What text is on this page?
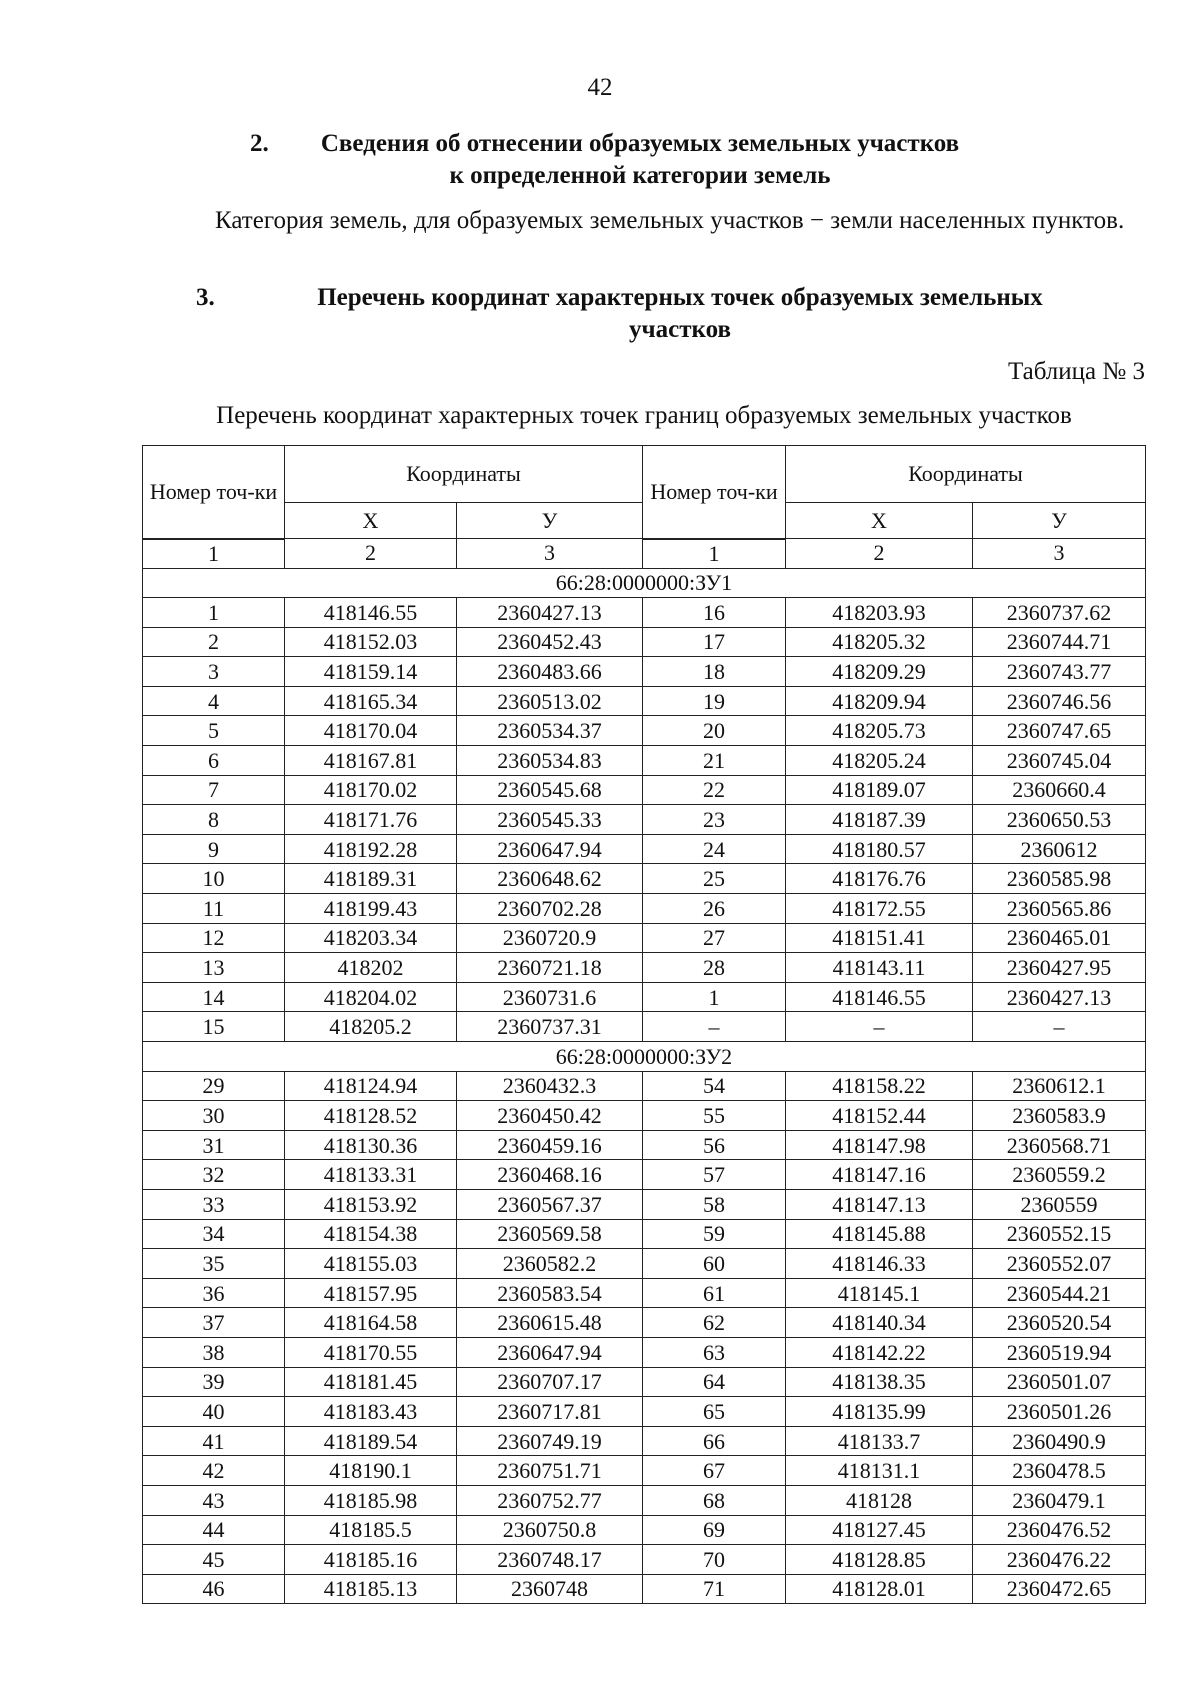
42
2.	Сведения об отнесении образуемых земельных участков
к определенной категории земель
Категория земель, для образуемых земельных участков − земли населенных пунктов.
3.	Перечень координат характерных точек образуемых земельных
участков
Таблица № 3
Перечень координат характерных точек границ образуемых земельных участков
Номер точ-ки	Координаты		Номер точ-ки	Координаты	
	Х	У		Х	У
1	2	3	1	2	3
66:28:0000000:ЗУ1					
1	418146.55	2360427.13	16	418203.93	2360737.62
2	418152.03	2360452.43	17	418205.32	2360744.71
3	418159.14	2360483.66	18	418209.29	2360743.77
4	418165.34	2360513.02	19	418209.94	2360746.56
5	418170.04	2360534.37	20	418205.73	2360747.65
6	418167.81	2360534.83	21	418205.24	2360745.04
7	418170.02	2360545.68	22	418189.07	2360660.4
8	418171.76	2360545.33	23	418187.39	2360650.53
9	418192.28	2360647.94	24	418180.57	2360612
10	418189.31	2360648.62	25	418176.76	2360585.98
11	418199.43	2360702.28	26	418172.55	2360565.86
12	418203.34	2360720.9	27	418151.41	2360465.01
13	418202	2360721.18	28	418143.11	2360427.95
14	418204.02	2360731.6	1	418146.55	2360427.13
15	418205.2	2360737.31	–	–	–
66:28:0000000:ЗУ2					
29	418124.94	2360432.3	54	418158.22	2360612.1
30	418128.52	2360450.42	55	418152.44	2360583.9
31	418130.36	2360459.16	56	418147.98	2360568.71
32	418133.31	2360468.16	57	418147.16	2360559.2
33	418153.92	2360567.37	58	418147.13	2360559
34	418154.38	2360569.58	59	418145.88	2360552.15
35	418155.03	2360582.2	60	418146.33	2360552.07
36	418157.95	2360583.54	61	418145.1	2360544.21
37	418164.58	2360615.48	62	418140.34	2360520.54
38	418170.55	2360647.94	63	418142.22	2360519.94
39	418181.45	2360707.17	64	418138.35	2360501.07
40	418183.43	2360717.81	65	418135.99	2360501.26
41	418189.54	2360749.19	66	418133.7	2360490.9
42	418190.1	2360751.71	67	418131.1	2360478.5
43	418185.98	2360752.77	68	418128	2360479.1
44	418185.5	2360750.8	69	418127.45	2360476.52
45	418185.16	2360748.17	70	418128.85	2360476.22
46	418185.13	2360748	71	418128.01	2360472.65
